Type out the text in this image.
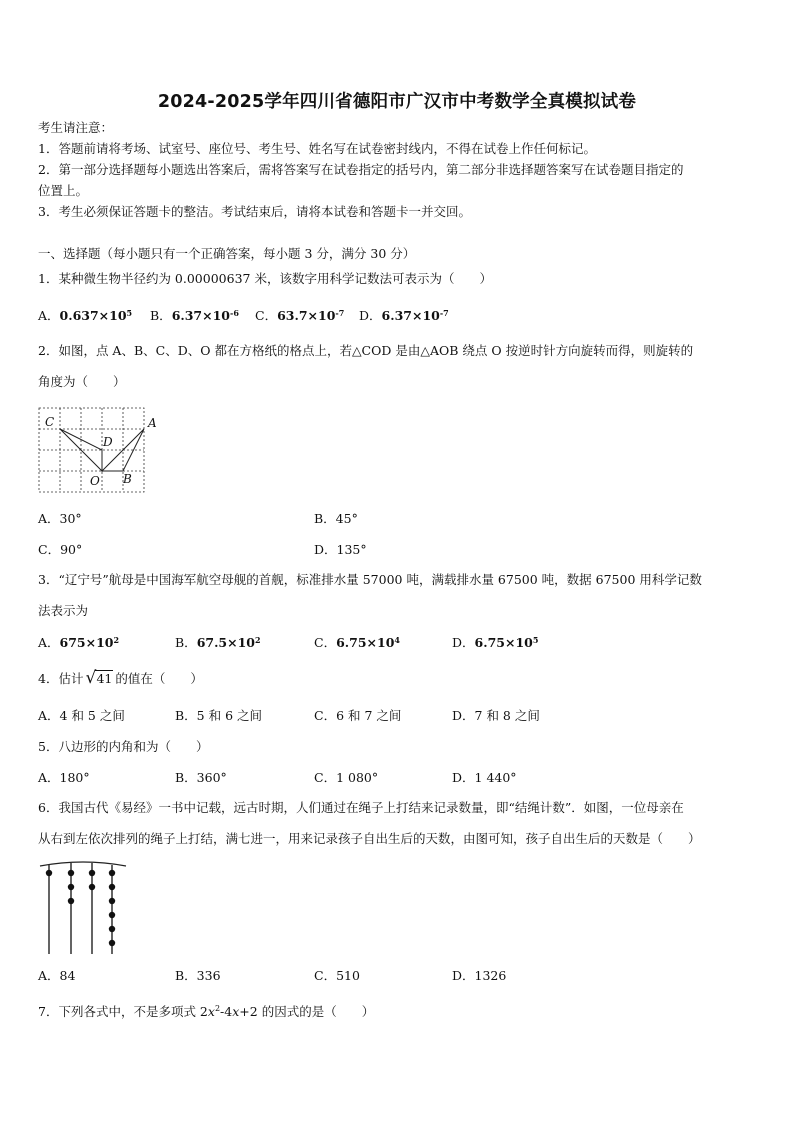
2024-2025学年四川省德阳市广汉市中考数学全真模拟试卷
考生请注意：
1．答题前请将考场、试室号、座位号、考生号、姓名写在试卷密封线内，不得在试卷上作任何标记。
2．第一部分选择题每小题选出答案后，需将答案写在试卷指定的括号内，第二部分非选择题答案写在试卷题目指定的
位置上。
3．考生必须保证答题卡的整洁。考试结束后，请将本试卷和答题卡一并交回。
一、选择题（每小题只有一个正确答案，每小题 3 分，满分 30 分）
1．某种微生物半径约为 0.00000637 米，该数字用科学记数法可表示为（　　）
A．$0.637\times 10^5$ B．$6.37\times 10^{-6}$ C．$63.7\times 10^{-7}$ D．$6.37\times 10^{-7}$
2．如图，点 A、B、C、D、O 都在方格纸的格点上，若△COD 是由△AOB 绕点 O 按逆时针方向旋转而得，则旋转的
角度为（　　）
C
D
A
O B
A．30°	B．45°
C．90°	D．135°
3．“辽宁号”航母是中国海军航空母舰的首舰，标准排水量 57000 吨，满载排水量 67500 吨，数据 67500 用科学记数
法表示为
A．$675\times 10^2$	B．$67.5\times 10^2$	C．$6.75\times 10^4$	D．$6.75\times 10^5$
4．估计 √ 41 的值在（　　）
A．4 和 5 之间	B．5 和 6 之间	C．6 和 7 之间	D．7 和 8 之间
5．八边形的内角和为（　　）
A．180°	B．360°	C．1 080°	D．1 440°
6．我国古代《易经》一书中记载，远古时期，人们通过在绳子上打结来记录数量，即“结绳计数”．如图，一位母亲在
从右到左依次排列的绳子上打结，满七进一，用来记录孩子自出生后的天数，由图可知，孩子自出生后的天数是（　　）
A．84	B．336	C．510	D．1326
7．下列各式中，不是多项式 $2x^2-4x+2$ 的因式的是（　　）
